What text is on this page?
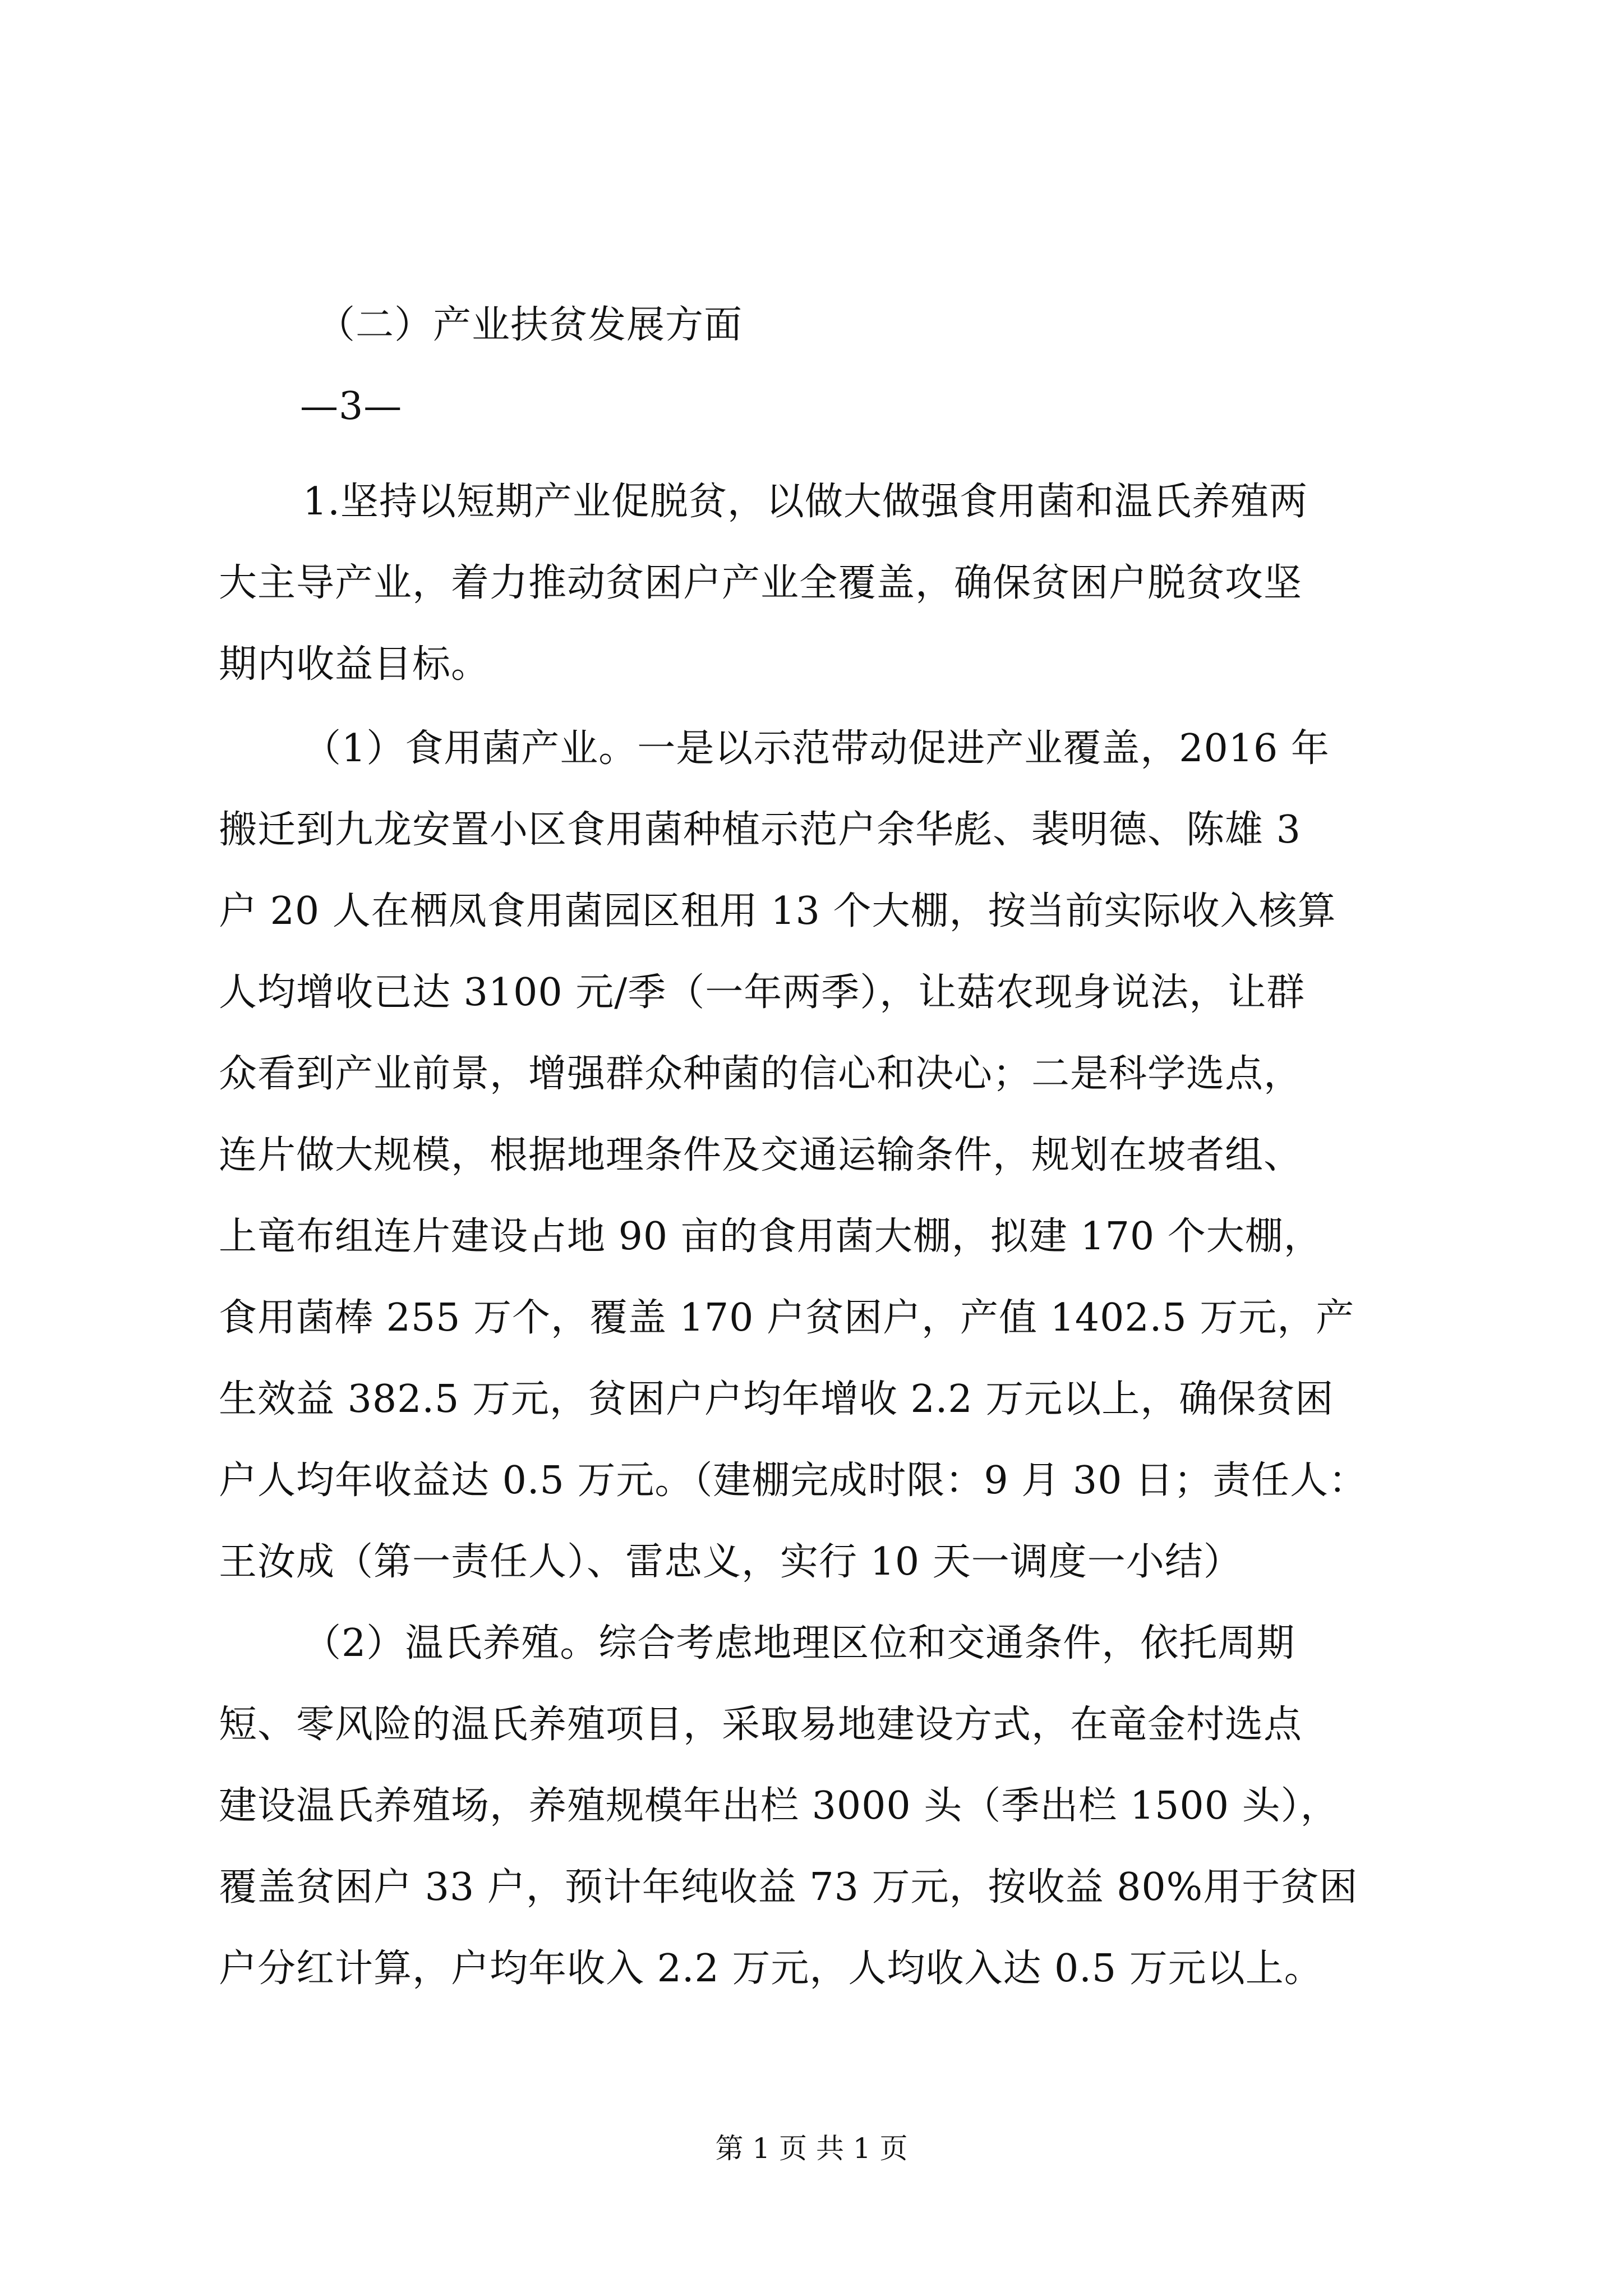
（二）产业扶贫发展方面

—3—

1.坚持以短期产业促脱贫，以做大做强食用菌和温氏养殖两

大主导产业，着力推动贫困户产业全覆盖，确保贫困户脱贫攻坚

期内收益目标。

（1）食用菌产业。一是以示范带动促进产业覆盖，2016 年

搬迁到九龙安置小区食用菌种植示范户余华彪、裴明德、陈雄 3

户 20 人在栖凤食用菌园区租用 13 个大棚，按当前实际收入核算

人均增收已达 3100 元/季（一年两季），让菇农现身说法，让群

众看到产业前景，增强群众种菌的信心和决心；二是科学选点，

连片做大规模，根据地理条件及交通运输条件，规划在坡者组、

上竜布组连片建设占地 90 亩的食用菌大棚，拟建 170 个大棚，

食用菌棒 255 万个，覆盖 170 户贫困户，产值 1402.5 万元，产

生效益 382.5 万元，贫困户户均年增收 2.2 万元以上，确保贫困

户人均年收益达 0.5 万元。（建棚完成时限：9 月 30 日；责任人：

王汝成（第一责任人）、雷忠义，实行 10 天一调度一小结）

（2）温氏养殖。综合考虑地理区位和交通条件，依托周期

短、零风险的温氏养殖项目，采取易地建设方式，在竜金村选点

建设温氏养殖场，养殖规模年出栏 3000 头（季出栏 1500 头），

覆盖贫困户 33 户，预计年纯收益 73 万元，按收益 80%用于贫困

户分红计算，户均年收入 2.2 万元，人均收入达 0.5 万元以上。

第 1 页 共 1 页
